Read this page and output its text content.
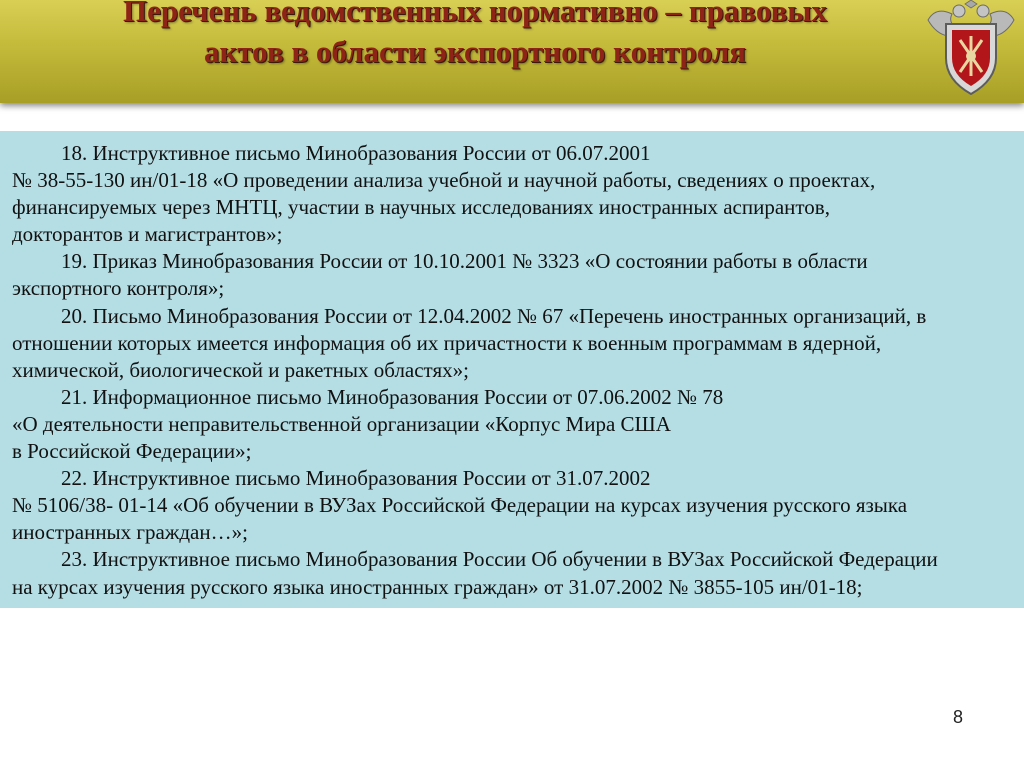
Перечень ведомственных нормативно – правовых
актов в области экспортного контроля

18. Инструктивное письмо Минобразования России от 06.07.2001
№ 38-55-130 ин/01-18 «О проведении анализа учебной и научной работы, сведениях о проектах,
финансируемых через МНТЦ, участии в научных исследованиях иностранных аспирантов,
докторантов и магистрантов»;

19. Приказ Минобразования России от 10.10.2001 № 3323 «О состоянии работы в области
экспортного контроля»;

20. Письмо Минобразования России от 12.04.2002 № 67 «Перечень иностранных организаций, в
отношении которых имеется информация об их причастности к военным программам в ядерной,
химической, биологической и ракетных областях»;

21. Информационное письмо Минобразования России от 07.06.2002 № 78
«О деятельности неправительственной организации «Корпус Мира США
в Российской Федерации»;

22. Инструктивное письмо Минобразования России от 31.07.2002
№ 5106/38- 01-14 «Об обучении в ВУЗах Российской Федерации на курсах изучения русского языка
иностранных граждан…»;

23. Инструктивное письмо Минобразования России Об обучении в ВУЗах Российской Федерации
на курсах изучения русского языка иностранных граждан» от 31.07.2002 № 3855-105 ин/01-18;

8
